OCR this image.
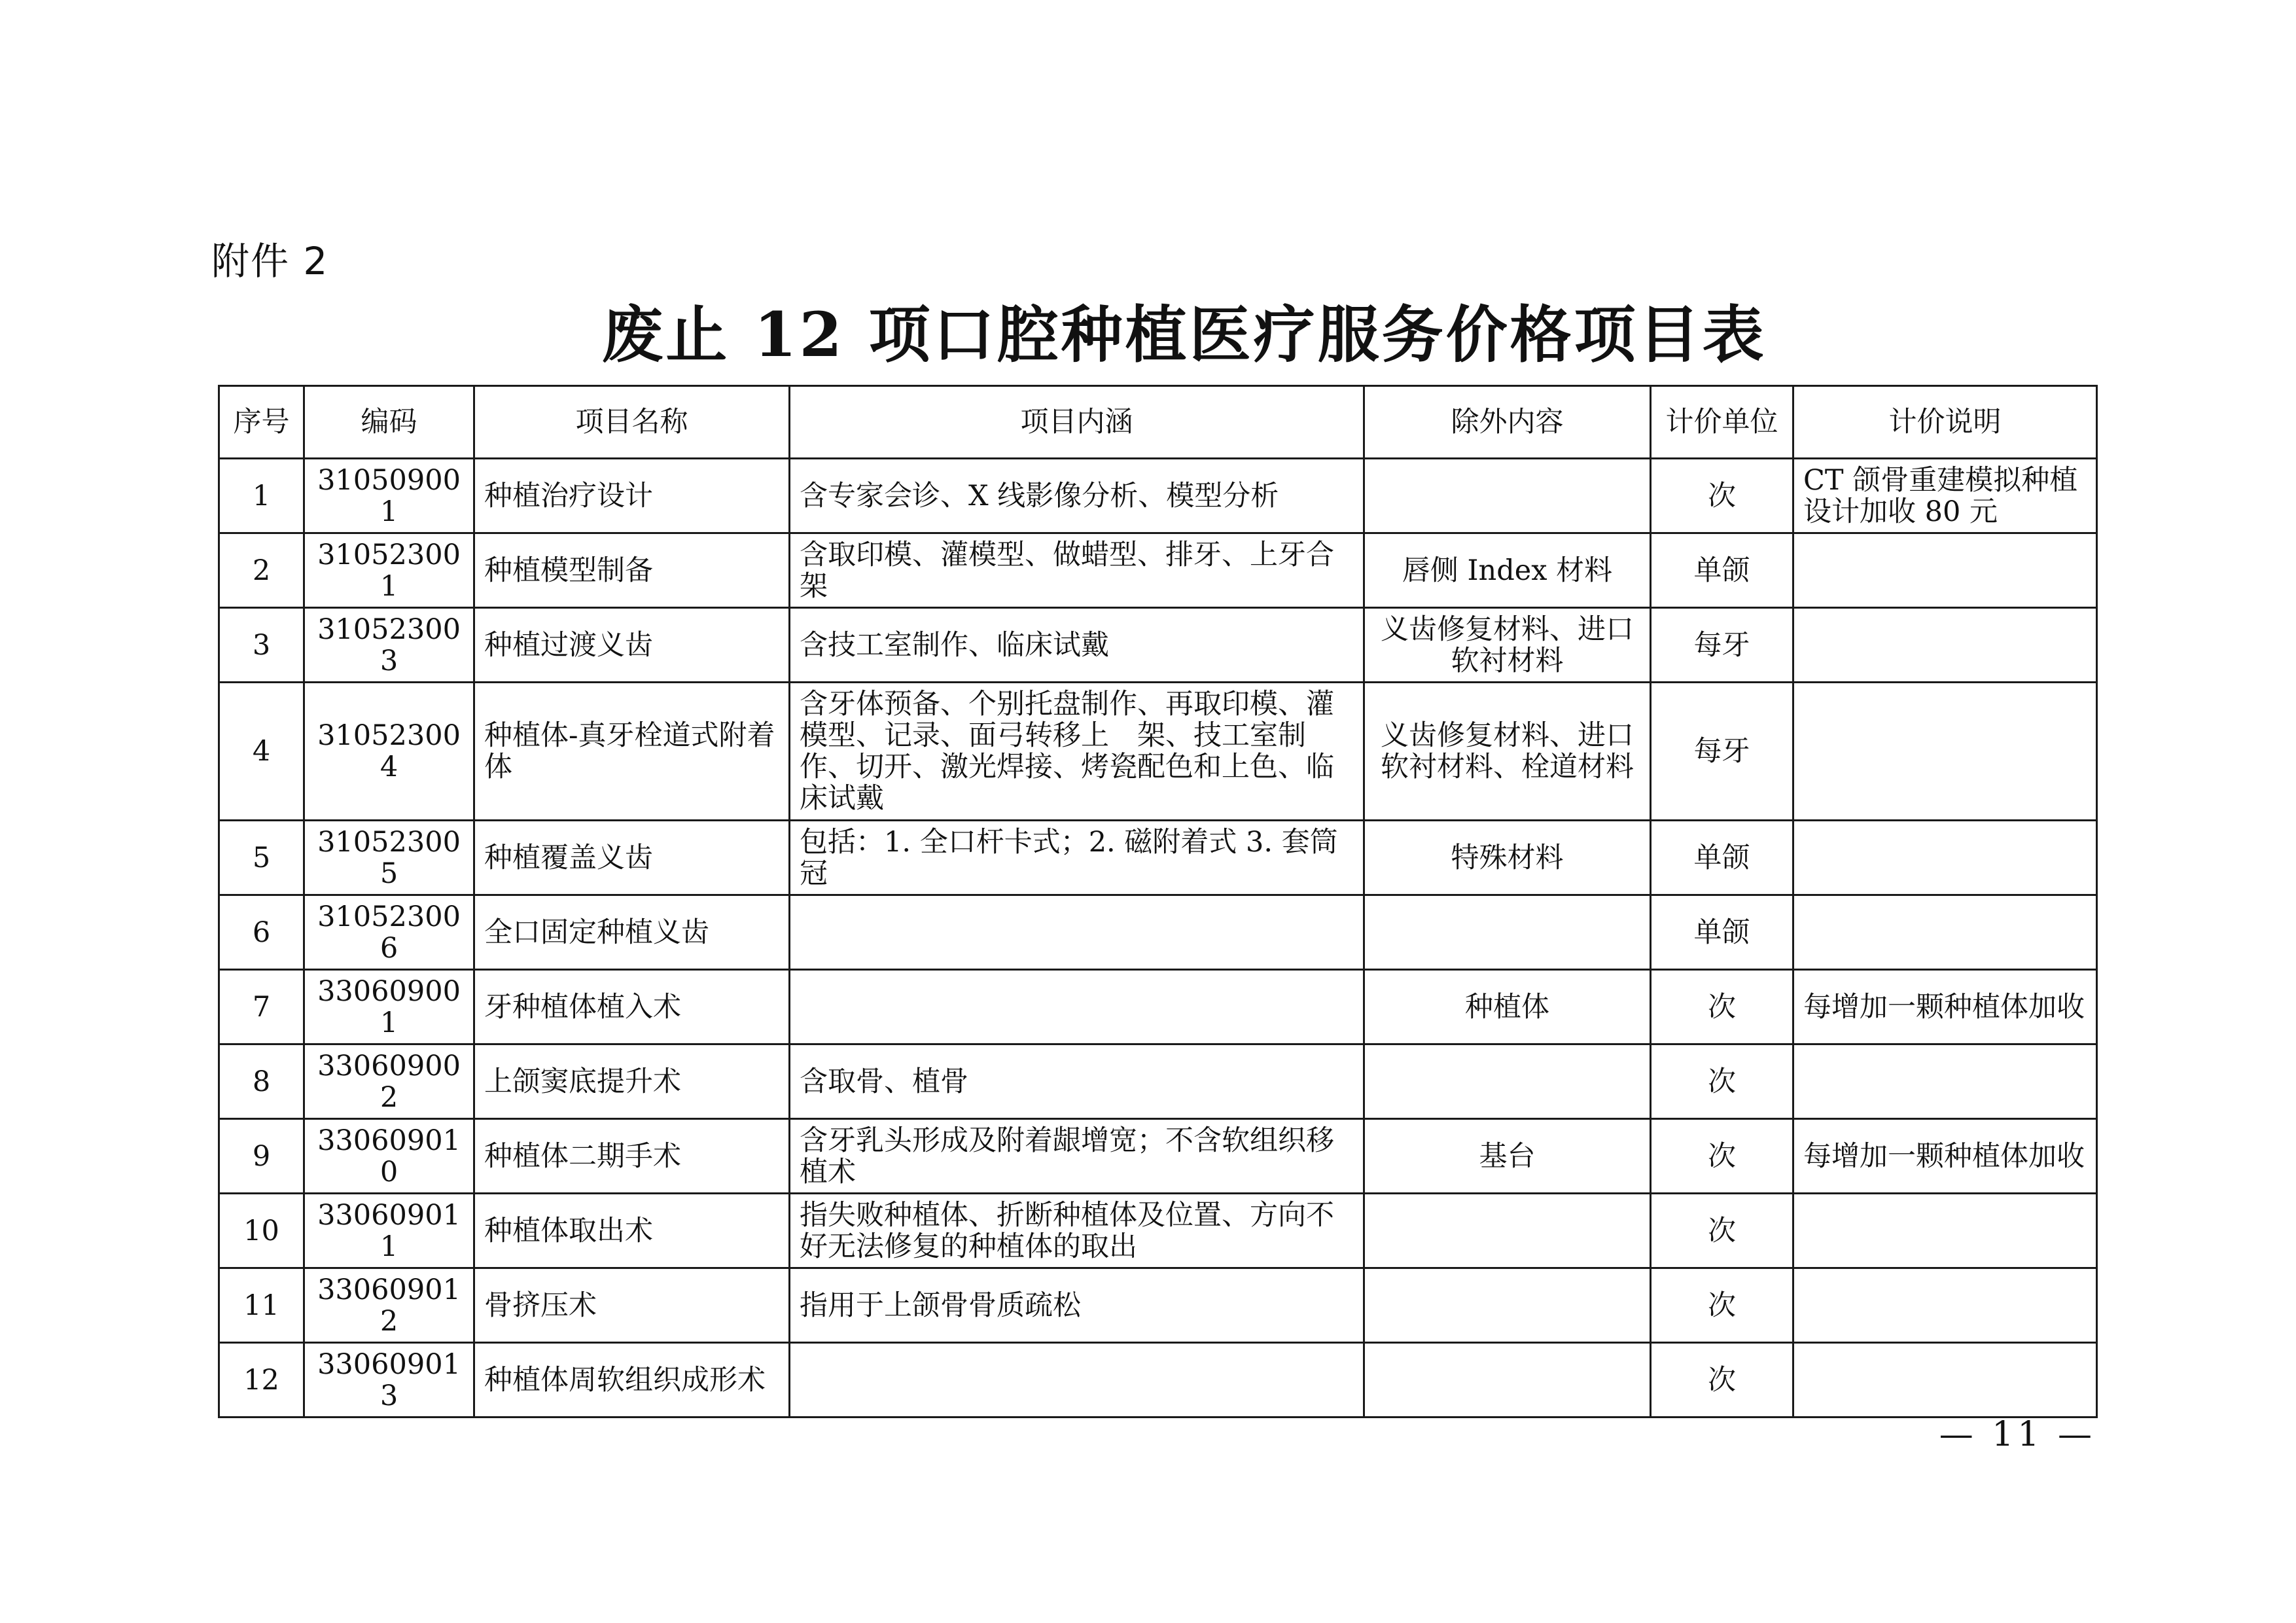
附件 2
废止 12 项口腔种植医疗服务价格项目表
序号	编码	项目名称	项目内涵	除外内容	计价单位	计价说明
1	310509001	种植治疗设计	含专家会诊、X 线影像分析、模型分析		次	CT 颌骨重建模拟种植设计加收 80 元
2	310523001	种植模型制备	含取印模、灌模型、做蜡型、排牙、上牙合架	唇侧 Index 材料	单颌	
3	310523003	种植过渡义齿	含技工室制作、临床试戴	义齿修复材料、进口软衬材料	每牙	
4	310523004	种植体-真牙栓道式附着体	含牙体预备、个别托盘制作、再取印模、灌模型、记录、面弓转移上　架、技工室制作、切开、激光焊接、烤瓷配色和上色、临床试戴	义齿修复材料、进口软衬材料、栓道材料	每牙	
5	310523005	种植覆盖义齿	包括：1. 全口杆卡式；2. 磁附着式 3. 套筒冠	特殊材料	单颌	
6	310523006	全口固定种植义齿			单颌	
7	330609001	牙种植体植入术		种植体	次	每增加一颗种植体加收
8	330609002	上颌窦底提升术	含取骨、植骨		次	
9	330609010	种植体二期手术	含牙乳头形成及附着龈增宽；不含软组织移植术	基台	次	每增加一颗种植体加收
10	330609011	种植体取出术	指失败种植体、折断种植体及位置、方向不好无法修复的种植体的取出		次	
11	330609012	骨挤压术	指用于上颌骨骨质疏松		次	
12	330609013	种植体周软组织成形术			次	
— 11 —
